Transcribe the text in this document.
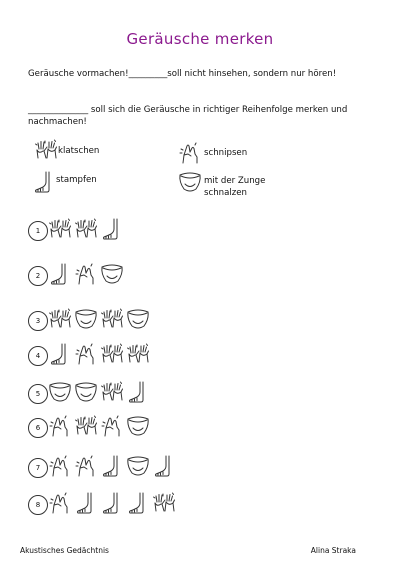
Geräusche merken
Geräusche vormachen!_________soll nicht hinsehen, sondern nur hören!
______________ soll sich die Geräusche in richtiger Reihenfolge merken und nachmachen!
klatschen	schnipsen
stampfen	mit der Zunge schnalzen
1
2
3
4
5
6
7
8
Akustisches Gedächtnis	Alina Straka
